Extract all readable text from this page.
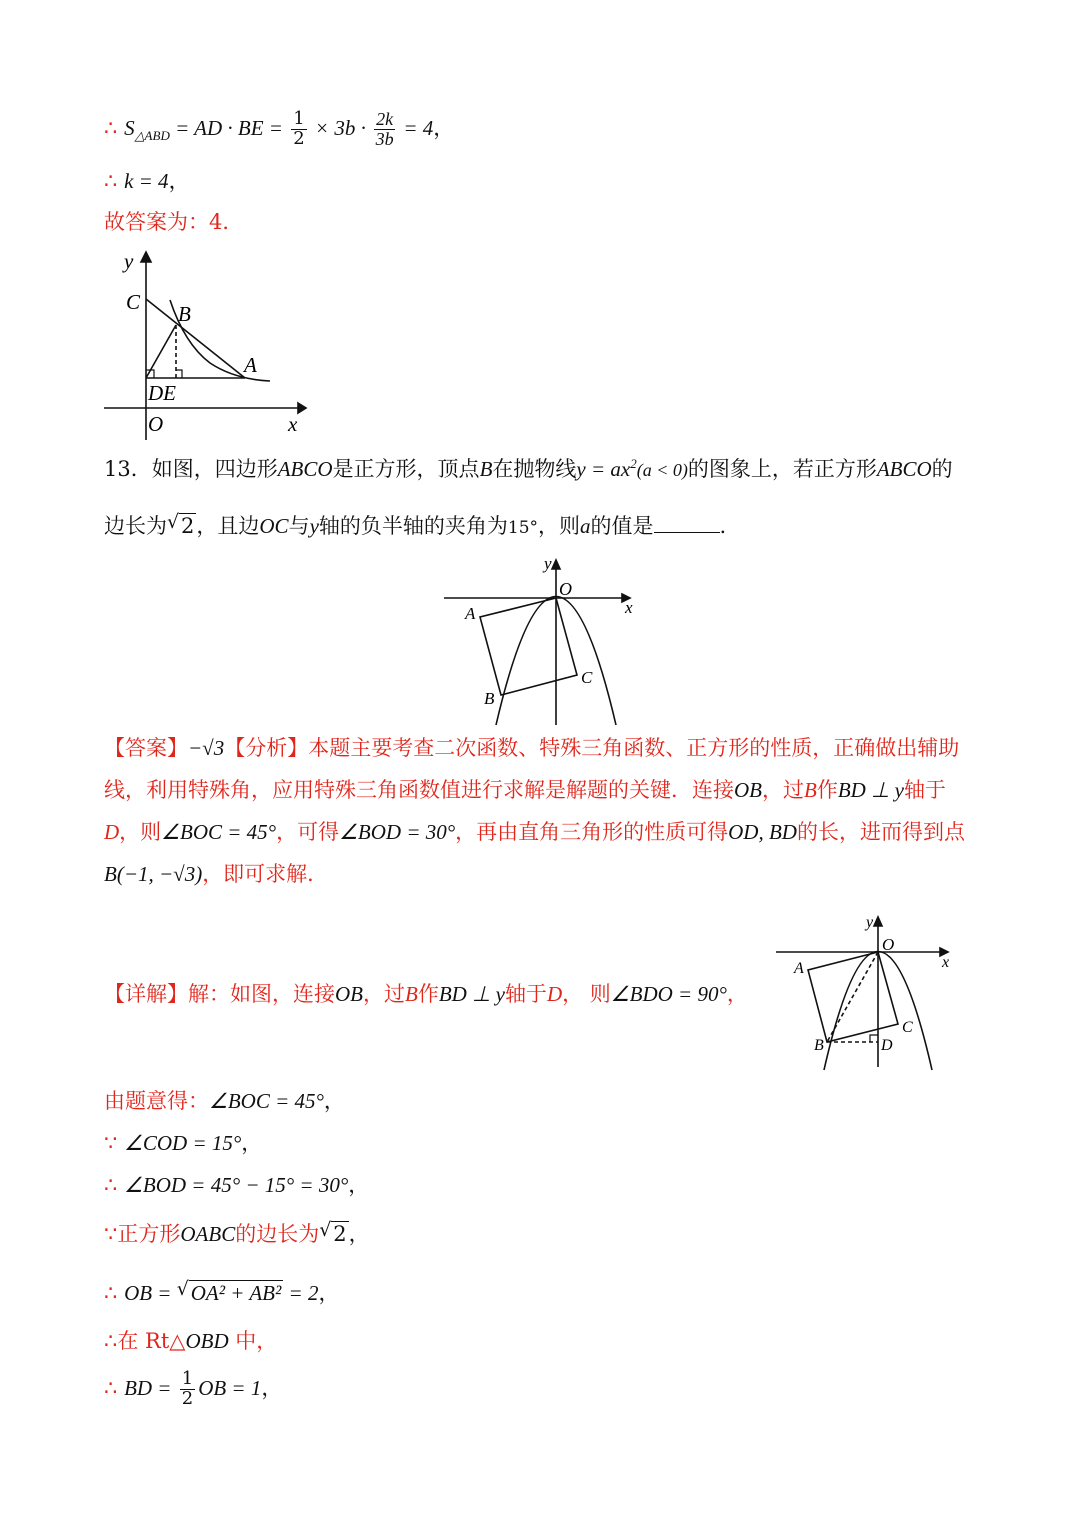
∴ $S_{\triangle ABD}$ = AD · BE = $\frac{1}{2} \times 3b \cdot \frac{2k}{3b} = 4$，
∴ k = 4，
故答案为：4．
y
x
C B
A
DE
O
13．如图，四边形ABCO是正方形，顶点B在抛物线$y = ax^2(a < 0)$的图象上，若正方形ABCO的
边长为 √ 2，且边OC与y轴的负半轴的夹角为15°，则a的值是	.
y
O
x
A
B
C
【答案】−√3【分析】本题主要考查二次函数、特殊三角函数、正方形的性质，正确做出辅助线，利用特殊角，应用特殊三角函数值进行求解是解题的关键．连接OB，过B作BD ⊥ y轴于D，则∠BOC = 45°，可得∠BOD = 30°，再由直角三角形的性质可得OD, BD的长，进而得到点B(−1, −√3)，即可求解．
【详解】解：如图，连接OB，过B作BD ⊥ y轴于D， 则∠BDO = 90°，
y
O
x
A
B
C
D
由题意得：∠BOC = 45°，
∵ ∠COD = 15°，
∴ ∠BOD = 45° − 15° = 30°，
∵正方形OABC的边长为 √ 2，
∴ OB = √ OA² + AB² = 2，
∴在 Rt△OBD 中，
∴ BD = $\frac{1}{2}$ OB = 1，
